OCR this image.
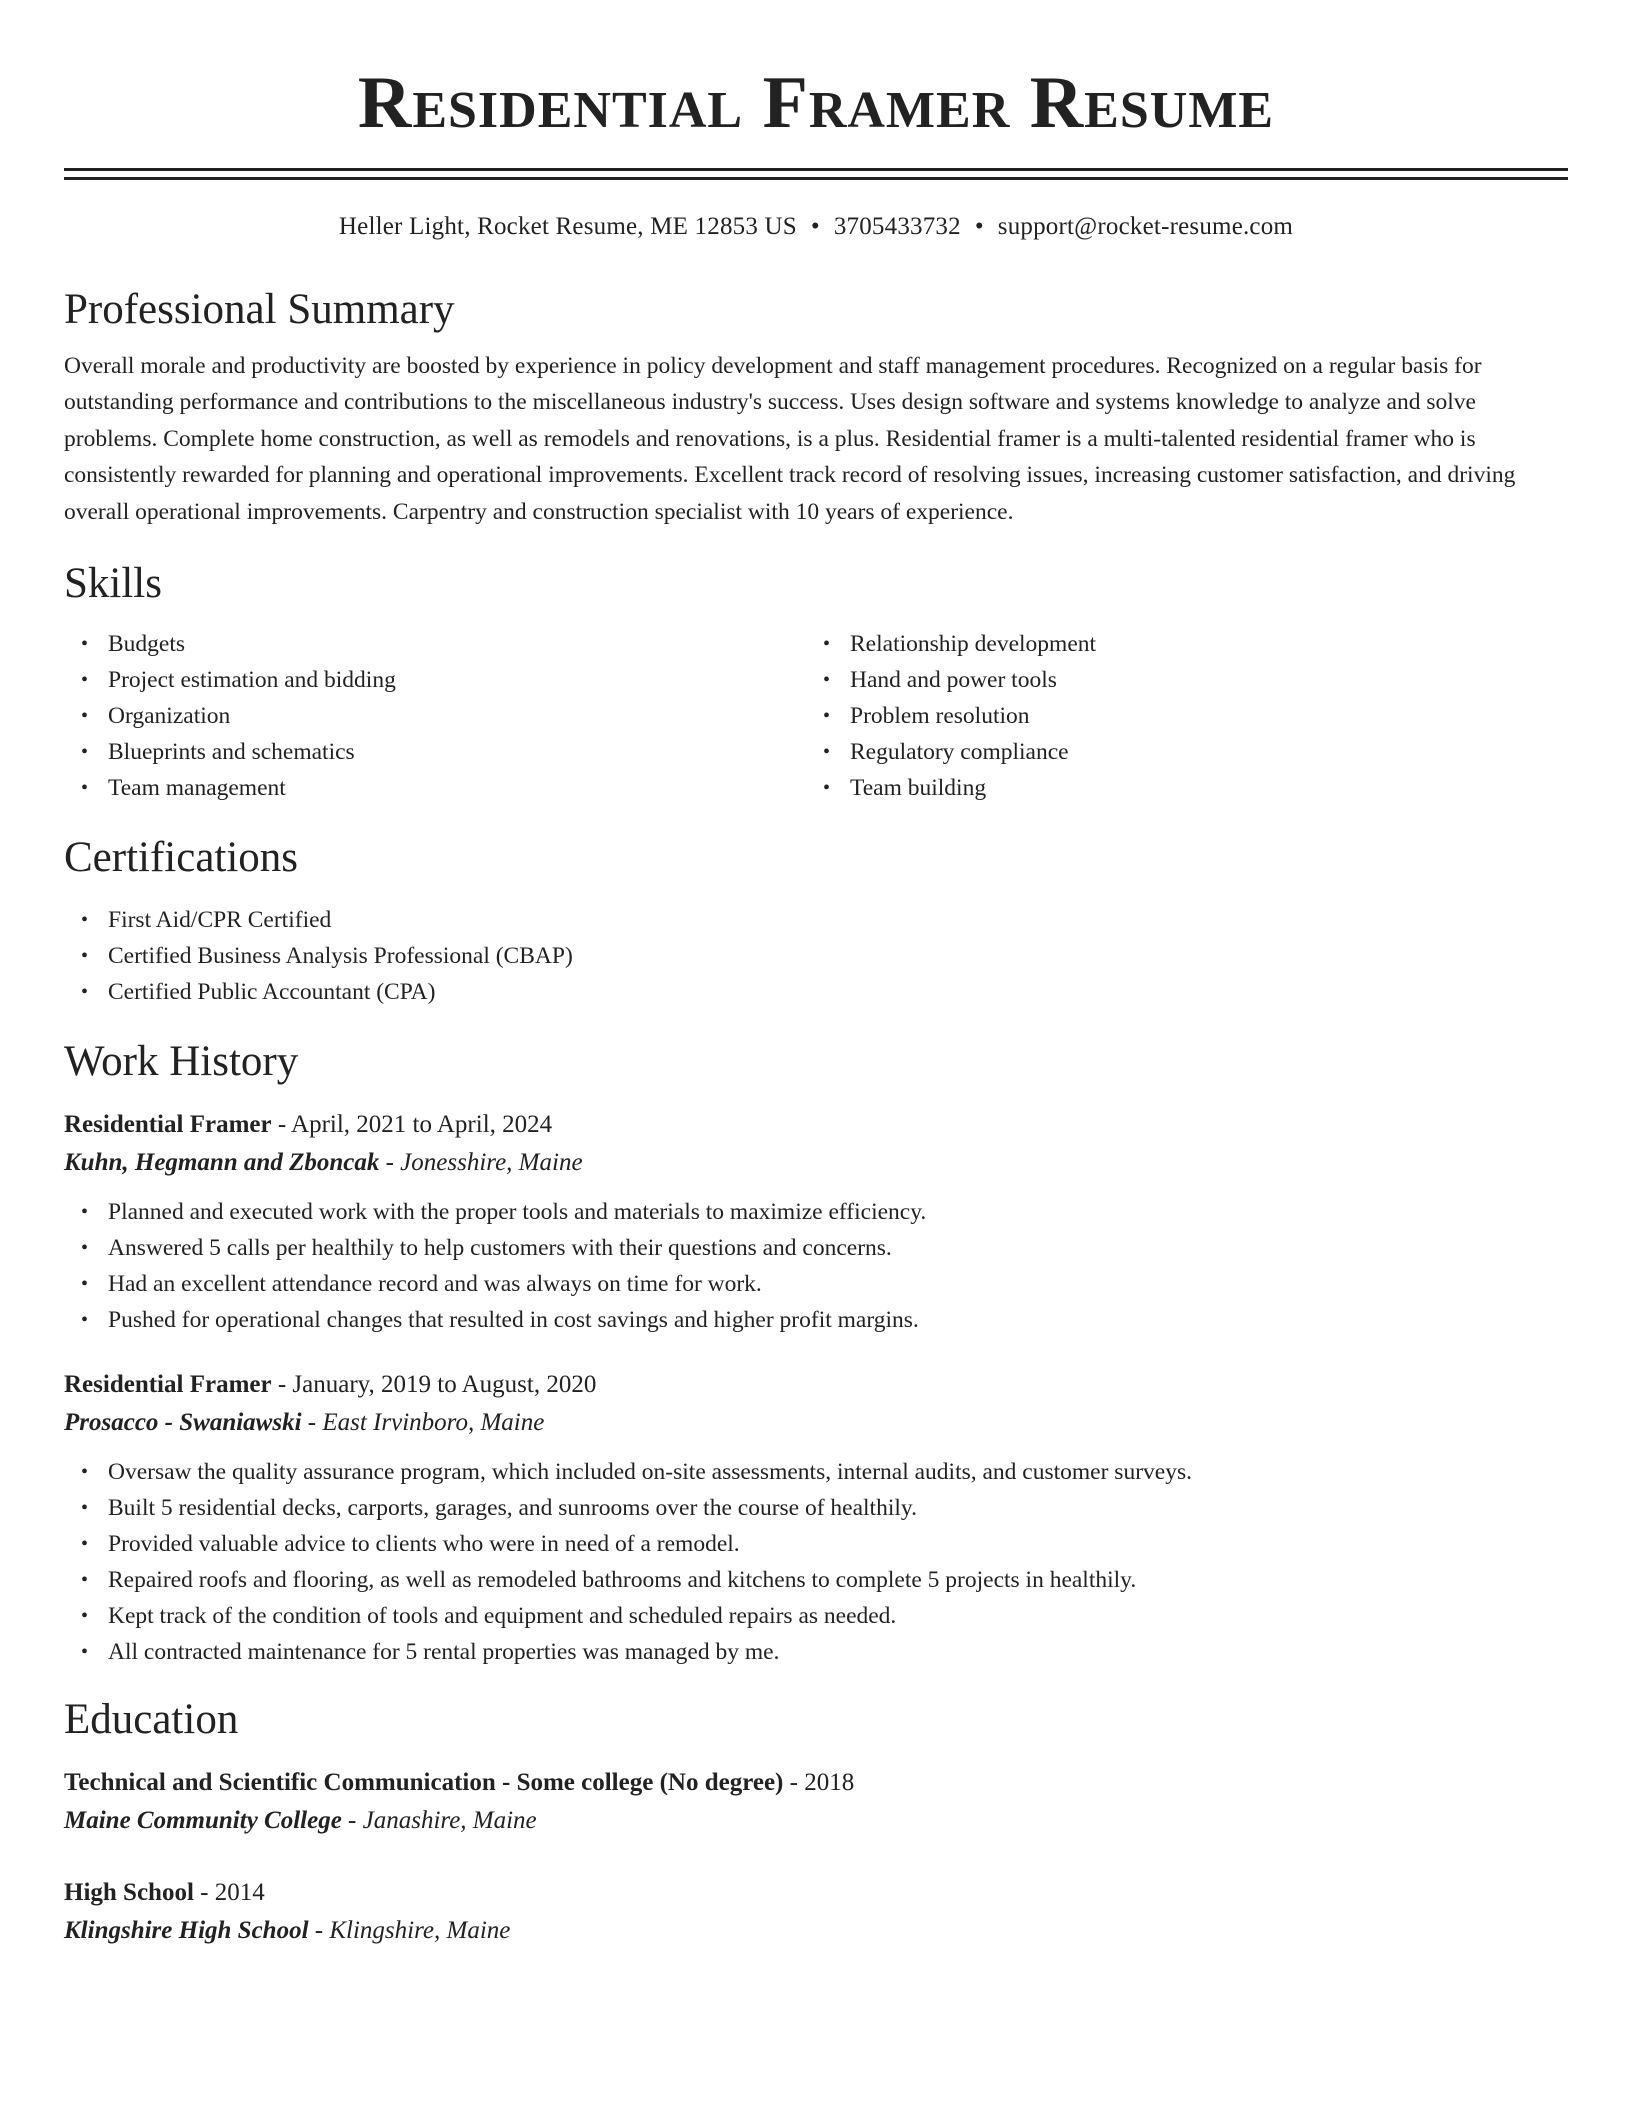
Residential Framer Resume
Heller Light, Rocket Resume, ME 12853 US • 3705433732 • support@rocket-resume.com
Professional Summary

Overall morale and productivity are boosted by experience in policy development and staff management procedures. Recognized on a regular basis for outstanding performance and contributions to the miscellaneous industry's success. Uses design software and systems knowledge to analyze and solve problems. Complete home construction, as well as remodels and renovations, is a plus. Residential framer is a multi-talented residential framer who is consistently rewarded for planning and operational improvements. Excellent track record of resolving issues, increasing customer satisfaction, and driving overall operational improvements. Carpentry and construction specialist with 10 years of experience.

Skills
• Budgets
• Project estimation and bidding
• Organization
• Blueprints and schematics
• Team management
• Relationship development
• Hand and power tools
• Problem resolution
• Regulatory compliance
• Team building
Certifications
• First Aid/CPR Certified
• Certified Business Analysis Professional (CBAP)
• Certified Public Accountant (CPA)
Work History
Residential Framer - April, 2021 to April, 2024
Kuhn, Hegmann and Zboncak - Jonesshire, Maine
• Planned and executed work with the proper tools and materials to maximize efficiency.
• Answered 5 calls per healthily to help customers with their questions and concerns.
• Had an excellent attendance record and was always on time for work.
• Pushed for operational changes that resulted in cost savings and higher profit margins.
Residential Framer - January, 2019 to August, 2020
Prosacco - Swaniawski - East Irvinboro, Maine
• Oversaw the quality assurance program, which included on-site assessments, internal audits, and customer surveys.
• Built 5 residential decks, carports, garages, and sunrooms over the course of healthily.
• Provided valuable advice to clients who were in need of a remodel.
• Repaired roofs and flooring, as well as remodeled bathrooms and kitchens to complete 5 projects in healthily.
• Kept track of the condition of tools and equipment and scheduled repairs as needed.
• All contracted maintenance for 5 rental properties was managed by me.
Education
Technical and Scientific Communication - Some college (No degree) - 2018
Maine Community College - Janashire, Maine
High School - 2014
Klingshire High School - Klingshire, Maine
